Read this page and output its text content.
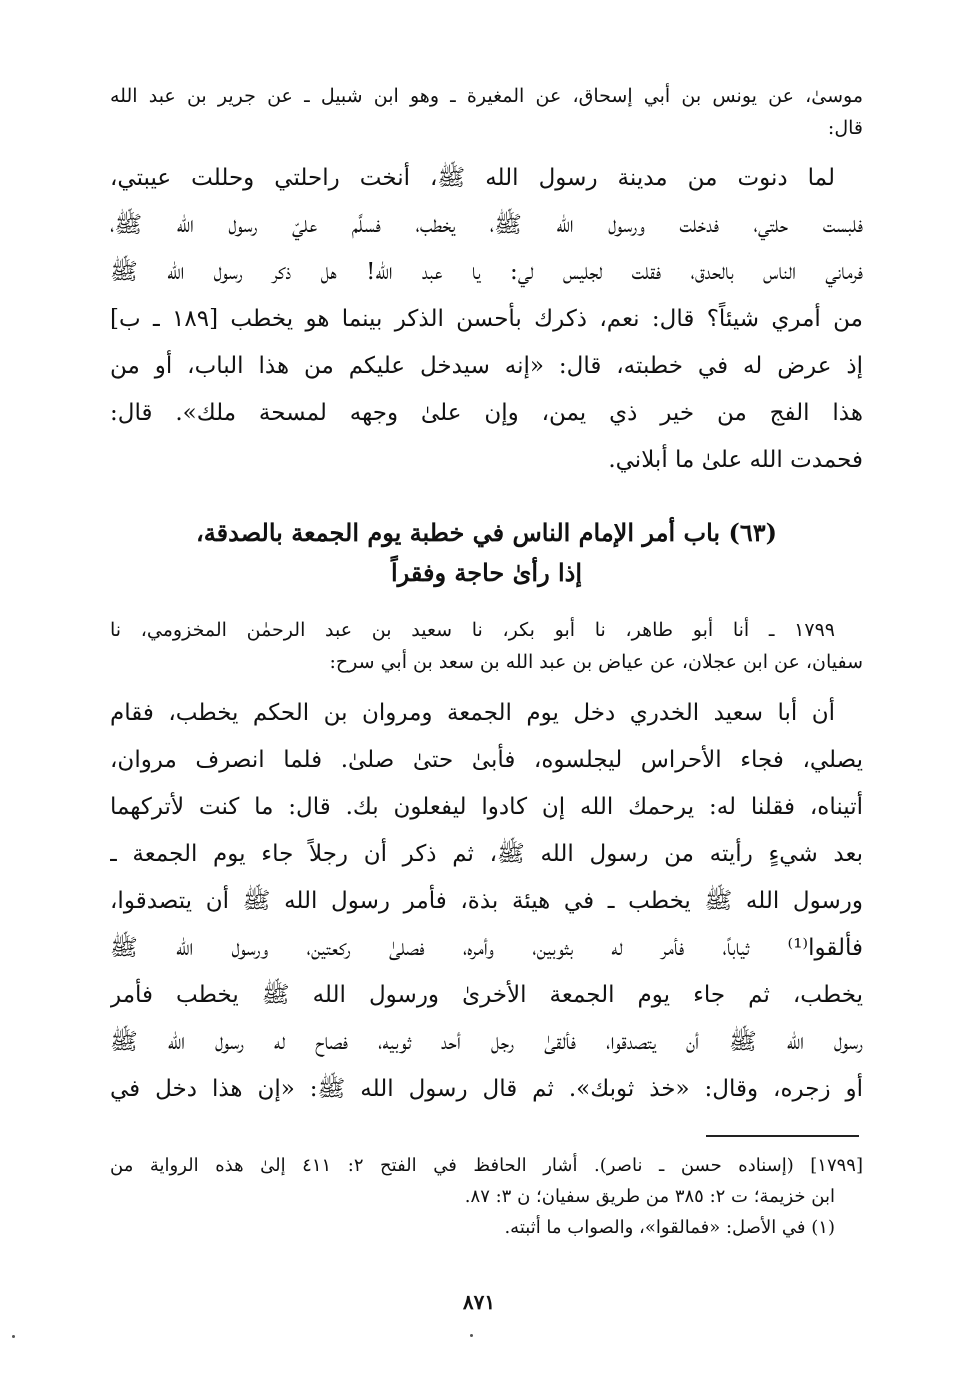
موسىٰ، عن يونس بن أبي إسحاق، عن المغيرة ـ وهو ابن شبيل ـ عن جرير بن عبد الله
قال:
لما دنوت من مدينة رسول الله ﷺ، أنخت راحلتي وحللت عيبتي،
فلبست حلتي، فدخلت ورسول الله ﷺ، يخطب، فسلَّم عليّ رسول الله ﷺ،
فرماني الناس بالحدق، فقلت لجليس لي: يا عبد الله! هل ذكر رسول الله ﷺ
من أمري شيئاً؟ قال: نعم، ذكرك بأحسن الذكر بينما هو يخطب [١٨٩ ـ ب]
إذ عرض له في خطبته، قال: «إنه سيدخل عليكم من هذا الباب، أو من
هذا الفج من خير ذي يمن، وإن علىٰ وجهه لمسحة ملك». قال:
فحمدت الله علىٰ ما أبلاني.
(٦٣) باب أمر الإمام الناس في خطبة يوم الجمعة بالصدقة،
إذا رأىٰ حاجة وفقراً
١٧٩٩ ـ أنا أبو طاهر، نا أبو بكر، نا سعيد بن عبد الرحمٰن المخزومي، نا
سفيان، عن ابن عجلان، عن عياض بن عبد الله بن سعد بن أبي سرح:
أن أبا سعيد الخدري دخل يوم الجمعة ومروان بن الحكم يخطب، فقام
يصلي، فجاء الأحراس ليجلسوه، فأبىٰ حتىٰ صلىٰ. فلما انصرف مروان،
أتيناه، فقلنا له: يرحمك الله إن كادوا ليفعلون بك. قال: ما كنت لأتركهما
بعد شيءٍ رأيته من رسول الله ﷺ، ثم ذكر أن رجلاً جاء يوم الجمعة ـ
ورسول الله ﷺ يخطب ـ في هيئة بذة، فأمر رسول الله ﷺ أن يتصدقوا،
فألقوا⁽¹⁾ ثياباً، فأمر له بثوبين، وأمره، فصلىٰ ركعتين، ورسول الله ﷺ
يخطب، ثم جاء يوم الجمعة الأخرىٰ ورسول الله ﷺ يخطب فأمر
رسول الله ﷺ أن يتصدقوا، فألقىٰ رجل أحد ثوبيه، فصاح له رسول الله ﷺ
أو زجره، وقال: «خذ ثوبك». ثم قال رسول الله ﷺ: «إن هذا دخل في
[١٧٩٩] (إسناده حسن ـ ناصر). أشار الحافظ في الفتح ٢: ٤١١ إلىٰ هذه الرواية من
ابن خزيمة؛ ت ٢: ٣٨٥ من طريق سفيان؛ ن ٣: ٨٧.
(١) في الأصل: «فمالقوا»، والصواب ما أثبته.
٨٧١
